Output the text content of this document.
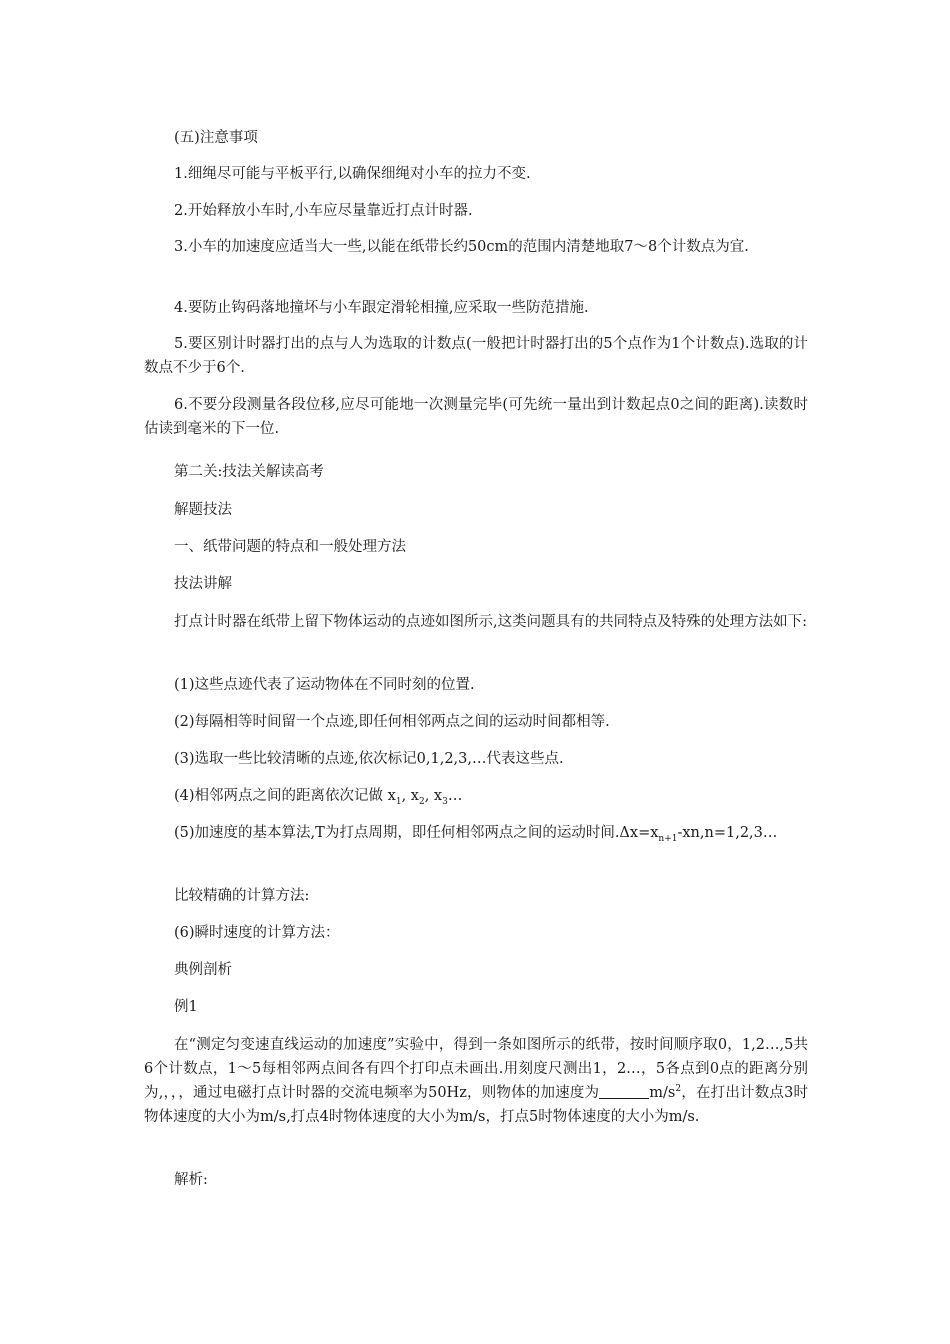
(五)注意事项

1.细绳尽可能与平板平行,以确保细绳对小车的拉力不变.

2.开始释放小车时,小车应尽量靠近打点计时器.

3.小车的加速度应适当大一些,以能在纸带长约50cm的范围内清楚地取7～8个计数点为宜.

4.要防止钩码落地撞坏与小车跟定滑轮相撞,应采取一些防范措施.

5.要区别计时器打出的点与人为选取的计数点(一般把计时器打出的5个点作为1个计数点).选取的计数点不少于6个.

6.不要分段测量各段位移,应尽可能地一次测量完毕(可先统一量出到计数起点0之间的距离).读数时估读到毫米的下一位.

第二关:技法关解读高考

解题技法

一、纸带问题的特点和一般处理方法

技法讲解

打点计时器在纸带上留下物体运动的点迹如图所示,这类问题具有的共同特点及特殊的处理方法如下:

(1)这些点迹代表了运动物体在不同时刻的位置.

(2)每隔相等时间留一个点迹,即任何相邻两点之间的运动时间都相等.

(3)选取一些比较清晰的点迹,依次标记0,1,2,3,…代表这些点.

(4)相邻两点之间的距离依次记做 $x_1$, $x_2$, $x_3\dots$

(5)加速度的基本算法,T为打点周期，即任何相邻两点之间的运动时间$.\Delta x=x_{n+1}-xn,n=1,2,3\dots$

比较精确的计算方法:

(6)瞬时速度的计算方法：

典例剖析

例1

在“测定匀变速直线运动的加速度”实验中，得到一条如图所示的纸带，按时间顺序取0，1,2…,5共6个计数点，1～5每相邻两点间各有四个打印点未画出.用刻度尺测出1，2…，5各点到0点的距离分别为,，，，通过电磁打点计时器的交流电频率为50Hz，则物体的加速度为	$m/s^2$，在打出计数点3时物体速度的大小为m/s,打点4时物体速度的大小为m/s，打点5时物体速度的大小为m/s.

解析:
